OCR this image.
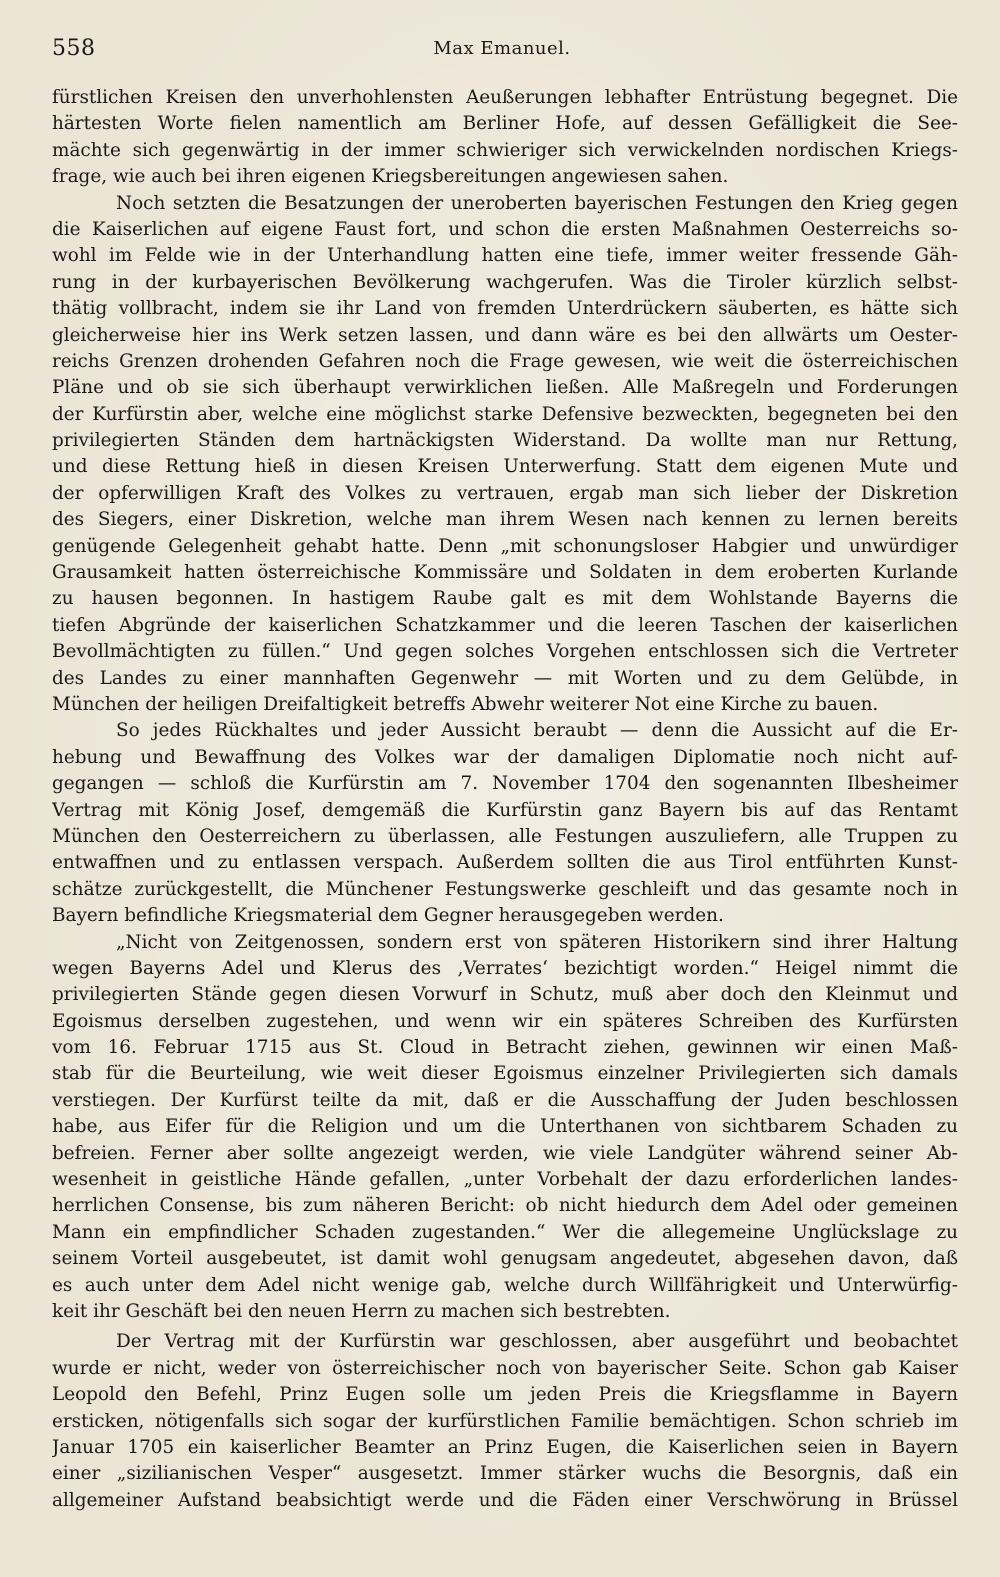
558	Max Emanuel.
fürstlichen Kreisen den unverhohlensten Aeußerungen lebhafter Entrüstung begegnet. Die
härtesten Worte fielen namentlich am Berliner Hofe, auf dessen Gefälligkeit die See-
mächte sich gegenwärtig in der immer schwieriger sich verwickelnden nordischen Kriegs-
frage, wie auch bei ihren eigenen Kriegsbereitungen angewiesen sahen.
Noch setzten die Besatzungen der unerobertеn bayerischen Festungen den Krieg gegen
die Kaiserlichen auf eigene Faust fort, und schon die ersten Maßnahmen Oesterreichs so-
wohl im Felde wie in der Unterhandlung hatten eine tiefe, immer weiter fressende Gäh-
rung in der kurbayerischen Bevölkerung wachgerufen. Was die Tiroler kürzlich selbst-
thätig vollbracht, indem sie ihr Land von fremden Unterdrückern säuberten, es hätte sich
gleicherweise hier ins Werk setzen lassen, und dann wäre es bei den allwärts um Oester-
reichs Grenzen drohenden Gefahren noch die Frage gewesen, wie weit die österreichischen
Pläne und ob sie sich überhaupt verwirklichen ließen. Alle Maßregeln und Forderungen
der Kurfürstin aber, welche eine möglichst starke Defensive bezweckten, begegneten bei den
privilegierten Ständen dem hartnäckigsten Widerstand. Da wollte man nur Rettung,
und diese Rettung hieß in diesen Kreisen Unterwerfung. Statt dem eigenen Mute und
der opferwilligen Kraft des Volkes zu vertrauen, ergab man sich lieber der Diskretion
des Siegers, einer Diskretion, welche man ihrem Wesen nach kennen zu lernen bereits
genügende Gelegenheit gehabt hatte. Denn „mit schonungsloser Habgier und unwürdiger
Grausamkeit hatten österreichische Kommissäre und Soldaten in dem eroberten Kurlande
zu hausen begonnen. In hastigem Raube galt es mit dem Wohlstande Bayerns die
tiefen Abgründe der kaiserlichen Schatzkammer und die leeren Taschen der kaiserlichen
Bevollmächtigten zu füllen.“ Und gegen solches Vorgehen entschlossen sich die Vertreter
des Landes zu einer mannhaften Gegenwehr — mit Worten und zu dem Gelübde, in
München der heiligen Dreifaltigkeit betreffs Abwehr weiterer Not eine Kirche zu bauen.
So jedes Rückhaltes und jeder Aussicht beraubt — denn die Aussicht auf die Er-
hebung und Bewaffnung des Volkes war der damaligen Diplomatie noch nicht auf-
gegangen — schloß die Kurfürstin am 7. November 1704 den sogenannten Ilbesheimer
Vertrag mit König Josef, demgemäß die Kurfürstin ganz Bayern bis auf das Rentamt
München den Oesterreichern zu überlassen, alle Festungen auszuliefern, alle Truppen zu
entwaffnen und zu entlassen verspach. Außerdem sollten die aus Tirol entführten Kunst-
schätze zurückgestellt, die Münchener Festungswerke geschleift und das gesamte noch in
Bayern befindliche Kriegsmaterial dem Gegner herausgegeben werden.
„Nicht von Zeitgenossen, sondern erst von späteren Historikern sind ihrer Haltung
wegen Bayerns Adel und Klerus des ‚Verrates‘ bezichtigt worden.“ Heigel nimmt die
privilegierten Stände gegen diesen Vorwurf in Schutz, muß aber doch den Kleinmut und
Egoismus derselben zugestehen, und wenn wir ein späteres Schreiben des Kurfürsten
vom 16. Februar 1715 aus St. Cloud in Betracht ziehen, gewinnen wir einen Maß-
stab für die Beurteilung, wie weit dieser Egoismus einzelner Privilegierten sich damals
verstiegen. Der Kurfürst teilte da mit, daß er die Ausschaffung der Juden beschlossen
habe, aus Eifer für die Religion und um die Unterthanen von sichtbarem Schaden zu
befreien. Ferner aber sollte angezeigt werden, wie viele Landgüter während seiner Ab-
wesenheit in geistliche Hände gefallen, „unter Vorbehalt der dazu erforderlichen landes-
herrlichen Consense, bis zum näheren Bericht: ob nicht hiedurch dem Adel oder gemeinen
Mann ein empfindlicher Schaden zugestanden.“ Wer die allegemeine Unglückslage zu
seinem Vorteil ausgebeutet, ist damit wohl genugsam angedeutet, abgesehen davon, daß
es auch unter dem Adel nicht wenige gab, welche durch Willfährigkeit und Unterwürfig-
keit ihr Geschäft bei den neuen Herrn zu machen sich bestrebten.
Der Vertrag mit der Kurfürstin war geschlossen, aber ausgeführt und beobachtet
wurde er nicht, weder von österreichischer noch von bayerischer Seite. Schon gab Kaiser
Leopold den Befehl, Prinz Eugen solle um jeden Preis die Kriegsflamme in Bayern
ersticken, nötigenfalls sich sogar der kurfürstlichen Familie bemächtigen. Schon schrieb im
Januar 1705 ein kaiserlicher Beamter an Prinz Eugen, die Kaiserlichen seien in Bayern
einer „sizilianischen Vesper“ ausgesetzt. Immer stärker wuchs die Besorgnis, daß ein
allgemeiner Aufstand beabsichtigt werde und die Fäden einer Verschwörung in Brüssel
